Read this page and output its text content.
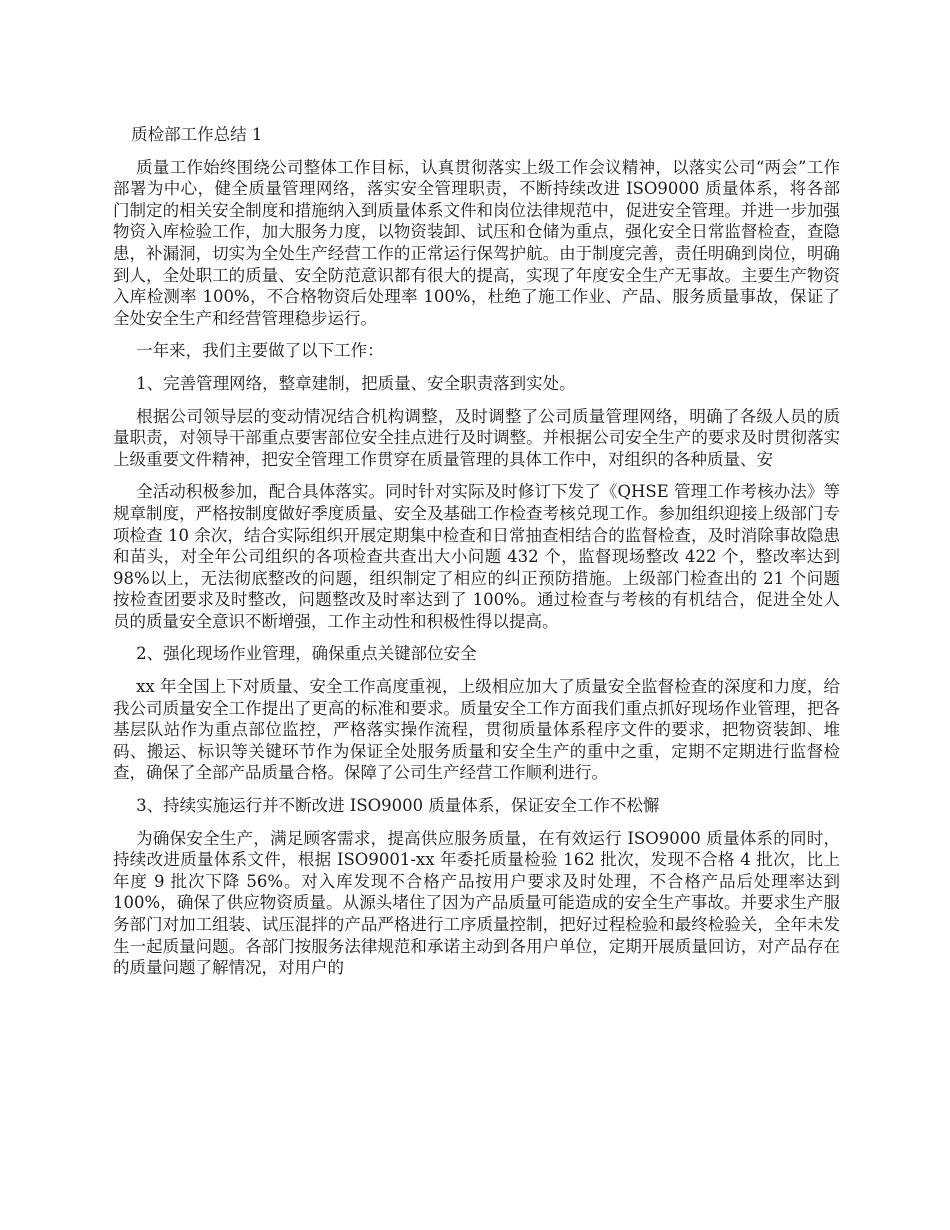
质检部工作总结 1

质量工作始终围绕公司整体工作目标，认真贯彻落实上级工作会议精神，以落实公司“两会”工作部署为中心，健全质量管理网络，落实安全管理职责，不断持续改进 ISO9000 质量体系，将各部门制定的相关安全制度和措施纳入到质量体系文件和岗位法律规范中，促进安全管理。并进一步加强物资入库检验工作，加大服务力度，以物资装卸、试压和仓储为重点，强化安全日常监督检查，查隐患，补漏洞，切实为全处生产经营工作的正常运行保驾护航。由于制度完善，责任明确到岗位，明确到人，全处职工的质量、安全防范意识都有很大的提高，实现了年度安全生产无事故。主要生产物资入库检测率 100%，不合格物资后处理率 100%，杜绝了施工作业、产品、服务质量事故，保证了全处安全生产和经营管理稳步运行。

一年来，我们主要做了以下工作：

1、完善管理网络，整章建制，把质量、安全职责落到实处。

根据公司领导层的变动情况结合机构调整，及时调整了公司质量管理网络，明确了各级人员的质量职责，对领导干部重点要害部位安全挂点进行及时调整。并根据公司安全生产的要求及时贯彻落实上级重要文件精神，把安全管理工作贯穿在质量管理的具体工作中，对组织的各种质量、安

全活动积极参加，配合具体落实。同时针对实际及时修订下发了《QHSE 管理工作考核办法》等规章制度，严格按制度做好季度质量、安全及基础工作检查考核兑现工作。参加组织迎接上级部门专项检查 10 余次，结合实际组织开展定期集中检查和日常抽查相结合的监督检查，及时消除事故隐患和苗头，对全年公司组织的各项检查共查出大小问题 432 个，监督现场整改 422 个，整改率达到 98%以上，无法彻底整改的问题，组织制定了相应的纠正预防措施。上级部门检查出的 21 个问题按检查团要求及时整改，问题整改及时率达到了 100%。通过检查与考核的有机结合，促进全处人员的质量安全意识不断增强，工作主动性和积极性得以提高。

2、强化现场作业管理，确保重点关键部位安全

xx 年全国上下对质量、安全工作高度重视，上级相应加大了质量安全监督检查的深度和力度，给我公司质量安全工作提出了更高的标准和要求。质量安全工作方面我们重点抓好现场作业管理，把各基层队站作为重点部位监控，严格落实操作流程，贯彻质量体系程序文件的要求，把物资装卸、堆码、搬运、标识等关键环节作为保证全处服务质量和安全生产的重中之重，定期不定期进行监督检查，确保了全部产品质量合格。保障了公司生产经营工作顺利进行。

3、持续实施运行并不断改进 ISO9000 质量体系，保证安全工作不松懈

为确保安全生产，满足顾客需求，提高供应服务质量，在有效运行 ISO9000 质量体系的同时，持续改进质量体系文件，根据 ISO9001-xx 年委托质量检验 162 批次，发现不合格 4 批次，比上年度 9 批次下降 56%。对入库发现不合格产品按用户要求及时处理，不合格产品后处理率达到 100%，确保了供应物资质量。从源头堵住了因为产品质量可能造成的安全生产事故。并要求生产服务部门对加工组装、试压混拌的产品严格进行工序质量控制，把好过程检验和最终检验关，全年未发生一起质量问题。各部门按服务法律规范和承诺主动到各用户单位，定期开展质量回访，对产品存在的质量问题了解情况，对用户的
